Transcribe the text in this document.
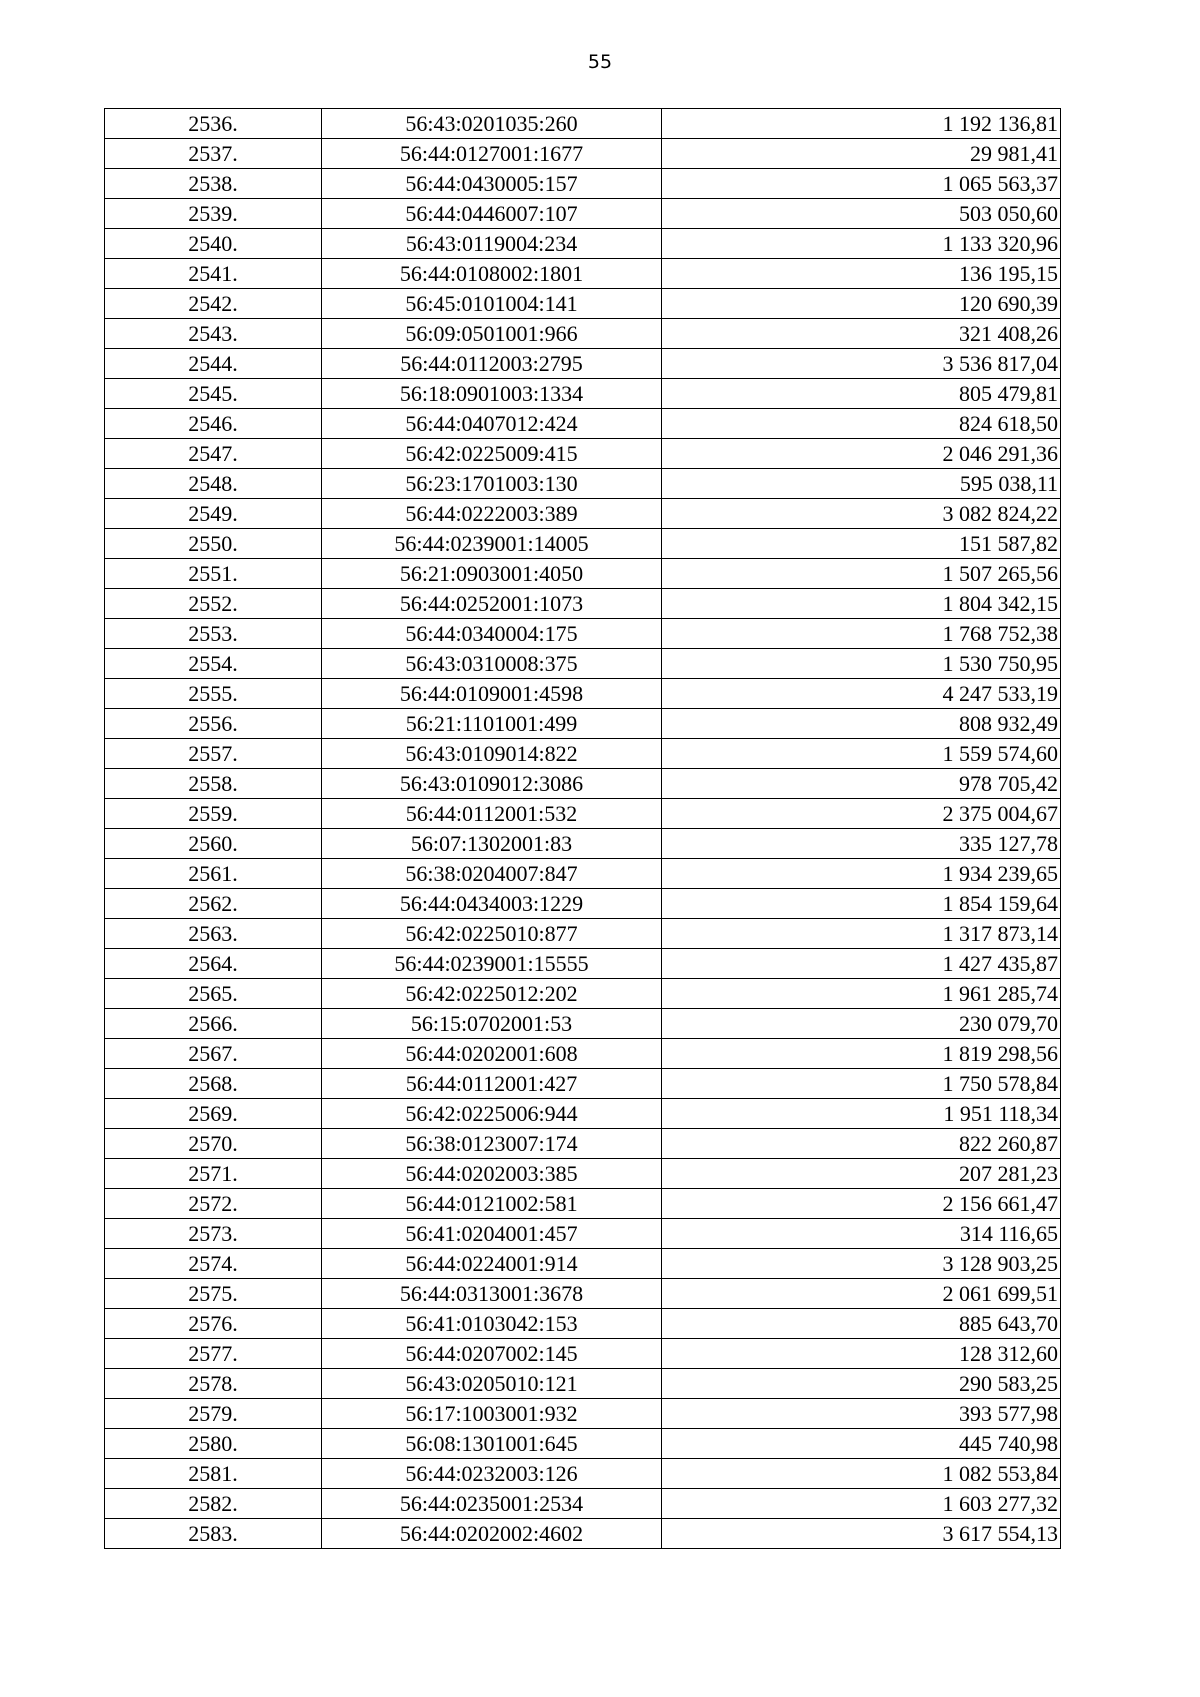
55
2536.	56:43:0201035:260	1 192 136,81
2537.	56:44:0127001:1677	29 981,41
2538.	56:44:0430005:157	1 065 563,37
2539.	56:44:0446007:107	503 050,60
2540.	56:43:0119004:234	1 133 320,96
2541.	56:44:0108002:1801	136 195,15
2542.	56:45:0101004:141	120 690,39
2543.	56:09:0501001:966	321 408,26
2544.	56:44:0112003:2795	3 536 817,04
2545.	56:18:0901003:1334	805 479,81
2546.	56:44:0407012:424	824 618,50
2547.	56:42:0225009:415	2 046 291,36
2548.	56:23:1701003:130	595 038,11
2549.	56:44:0222003:389	3 082 824,22
2550.	56:44:0239001:14005	151 587,82
2551.	56:21:0903001:4050	1 507 265,56
2552.	56:44:0252001:1073	1 804 342,15
2553.	56:44:0340004:175	1 768 752,38
2554.	56:43:0310008:375	1 530 750,95
2555.	56:44:0109001:4598	4 247 533,19
2556.	56:21:1101001:499	808 932,49
2557.	56:43:0109014:822	1 559 574,60
2558.	56:43:0109012:3086	978 705,42
2559.	56:44:0112001:532	2 375 004,67
2560.	56:07:1302001:83	335 127,78
2561.	56:38:0204007:847	1 934 239,65
2562.	56:44:0434003:1229	1 854 159,64
2563.	56:42:0225010:877	1 317 873,14
2564.	56:44:0239001:15555	1 427 435,87
2565.	56:42:0225012:202	1 961 285,74
2566.	56:15:0702001:53	230 079,70
2567.	56:44:0202001:608	1 819 298,56
2568.	56:44:0112001:427	1 750 578,84
2569.	56:42:0225006:944	1 951 118,34
2570.	56:38:0123007:174	822 260,87
2571.	56:44:0202003:385	207 281,23
2572.	56:44:0121002:581	2 156 661,47
2573.	56:41:0204001:457	314 116,65
2574.	56:44:0224001:914	3 128 903,25
2575.	56:44:0313001:3678	2 061 699,51
2576.	56:41:0103042:153	885 643,70
2577.	56:44:0207002:145	128 312,60
2578.	56:43:0205010:121	290 583,25
2579.	56:17:1003001:932	393 577,98
2580.	56:08:1301001:645	445 740,98
2581.	56:44:0232003:126	1 082 553,84
2582.	56:44:0235001:2534	1 603 277,32
2583.	56:44:0202002:4602	3 617 554,13
